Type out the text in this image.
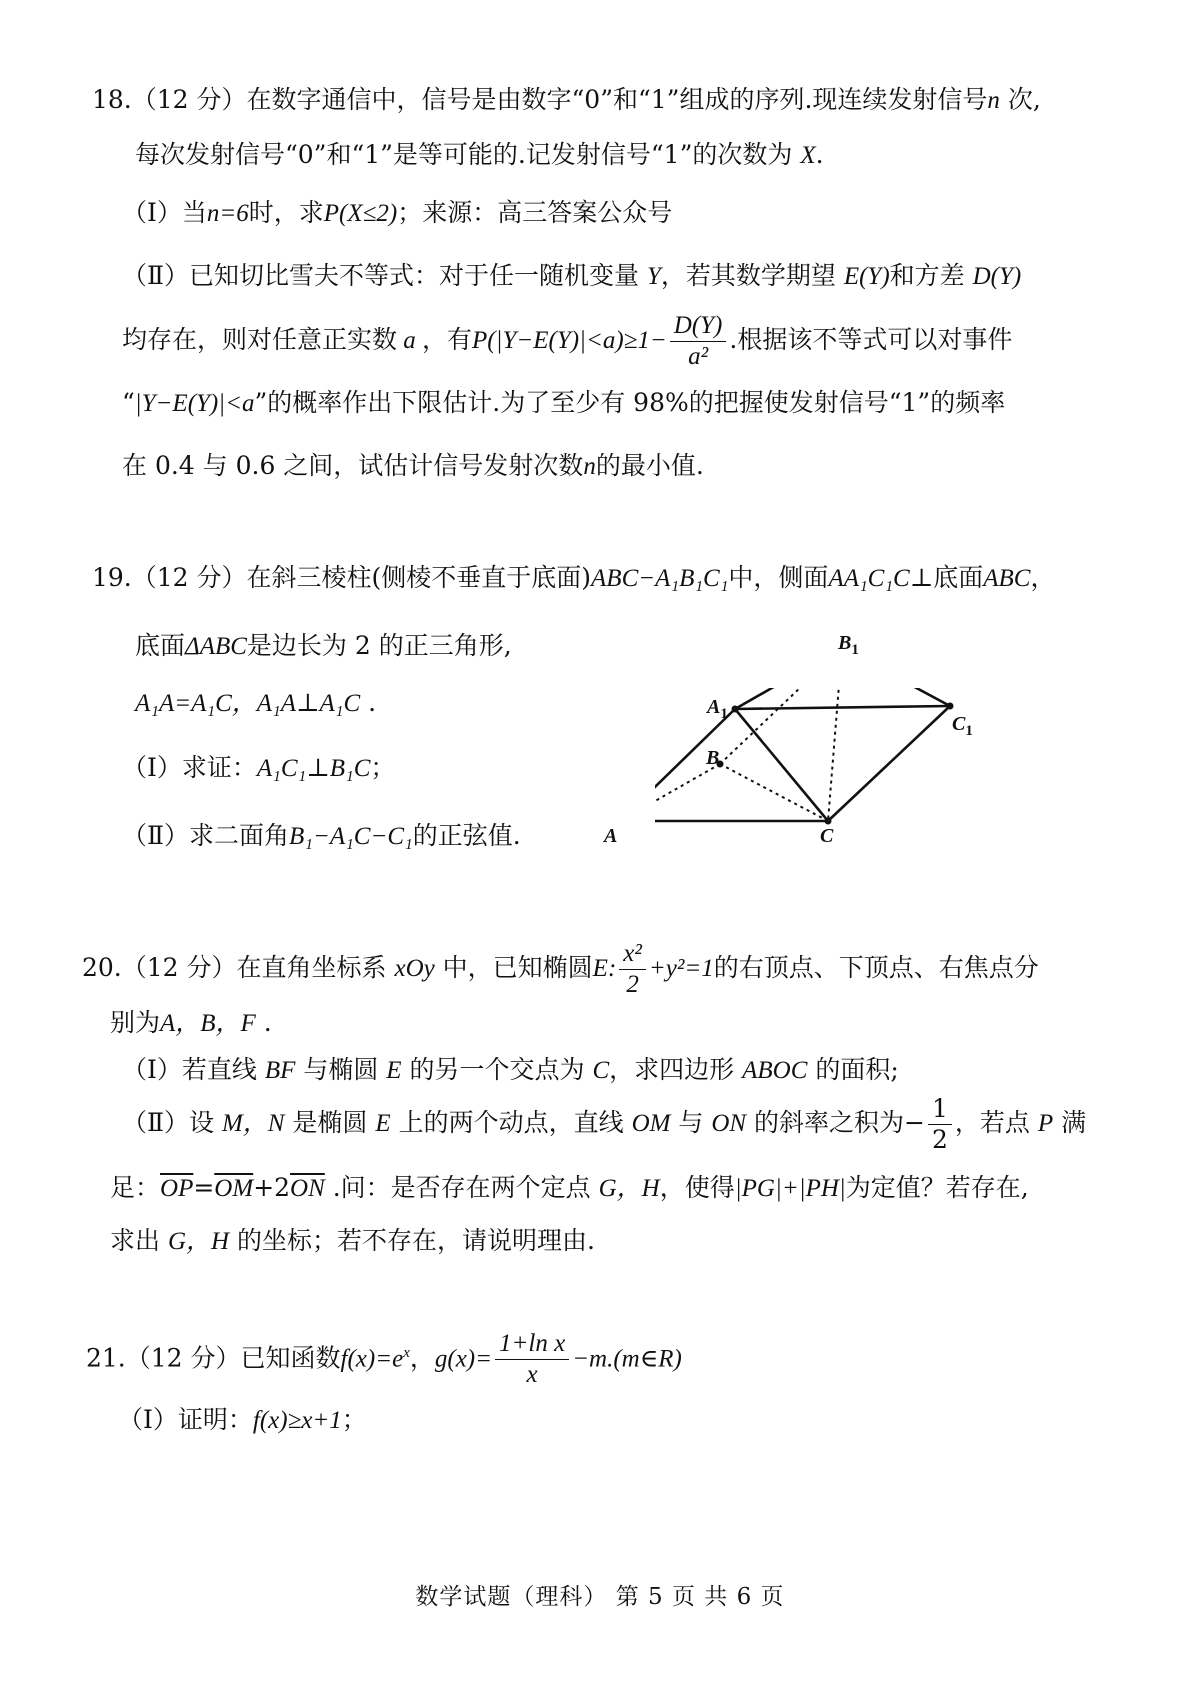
18.（12 分）在数字通信中，信号是由数字“0”和“1”组成的序列.现连续发射信号n 次,
每次发射信号“0”和“1”是等可能的.记发射信号“1”的次数为 X.
（Ⅰ）当n=6时，求P(X≤2)；来源：高三答案公众号
（Ⅱ）已知切比雪夫不等式：对于任一随机变量 Y，若其数学期望 E(Y)和方差 D(Y)
均存在，则对任意正实数 a ，有$P(|Y-E(Y)|<a)\ge 1- \frac{D(Y)}{\text{a²}}$ .根据该不等式可以对事件
“|Y−E(Y)|<a”的概率作出下限估计.为了至少有 98%的把握使发射信号“1”的频率
在 0.4 与 0.6 之间，试估计信号发射次数n的最小值.
19.（12 分）在斜三棱柱(侧棱不垂直于底面)ABC−A₁B₁C₁中，侧面AA₁C₁C⊥底面ABC，
底面ΔABC是边长为 2 的正三角形,
A₁A=A₁C，A₁A⊥A₁C .
（Ⅰ）求证：A₁C₁⊥B₁C；
（Ⅱ）求二面角B₁−A₁C−C₁的正弦值.	A	C
B
$A_1$
$B_1$
$C_1$
20.（12 分）在直角坐标系 xOy 中，已知椭圆E: $\frac{\text{x²}}{2} +y^2=1$的右顶点、下顶点、右焦点分
别为A，B，F .
（Ⅰ）若直线 BF 与椭圆 E 的另一个交点为 C，求四边形 ABOC 的面积;
（Ⅱ）设 M，N 是椭圆 E 上的两个动点，直线 OM 与 ON 的斜率之积为− $\frac{1}{2}$ ，若点 P 满
足：$\overline{OP}=\overline{OM}+2\overline{ON}$ .问：是否存在两个定点 G，H，使得|PG|+|PH|为定值？若存在,
求出 G，H 的坐标；若不存在，请说明理由.
21.（12 分）已知函数$f(x)=e^x$，$g(x)= \frac{\text{1+ln x}}{x}$ −m.(m∈R)
（Ⅰ）证明：f(x)≥x+1；
数学试题（理科） 第 5 页 共 6 页
